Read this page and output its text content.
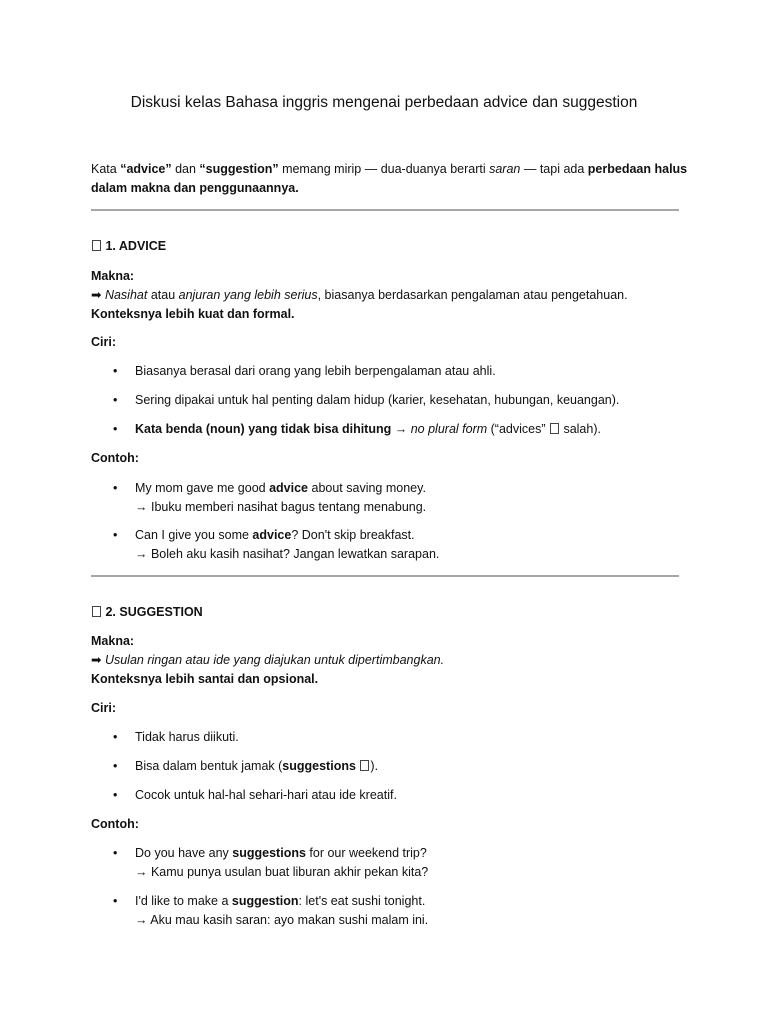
Diskusi kelas Bahasa inggris mengenai perbedaan advice dan suggestion
Kata “advice” dan “suggestion” memang mirip — dua-duanya berarti saran — tapi ada perbedaan halus dalam makna dan penggunaannya.
1. ADVICE
Makna:
➡ Nasihat atau anjuran yang lebih serius, biasanya berdasarkan pengalaman atau pengetahuan.
Konteksnya lebih kuat dan formal.
Ciri:
• Biasanya berasal dari orang yang lebih berpengalaman atau ahli.
• Sering dipakai untuk hal penting dalam hidup (karier, kesehatan, hubungan, keuangan).
• Kata benda (noun) yang tidak bisa dihitung → no plural form (“advices”  salah).
Contoh:
• My mom gave me good advice about saving money.
→ Ibuku memberi nasihat bagus tentang menabung.
• Can I give you some advice? Don't skip breakfast.
→ Boleh aku kasih nasihat? Jangan lewatkan sarapan.
2. SUGGESTION
Makna:
➡ Usulan ringan atau ide yang diajukan untuk dipertimbangkan.
Konteksnya lebih santai dan opsional.
Ciri:
• Tidak harus diikuti.
• Bisa dalam bentuk jamak (suggestions ).
• Cocok untuk hal-hal sehari-hari atau ide kreatif.
Contoh:
• Do you have any suggestions for our weekend trip?
→ Kamu punya usulan buat liburan akhir pekan kita?
• I'd like to make a suggestion: let's eat sushi tonight.
→ Aku mau kasih saran: ayo makan sushi malam ini.
